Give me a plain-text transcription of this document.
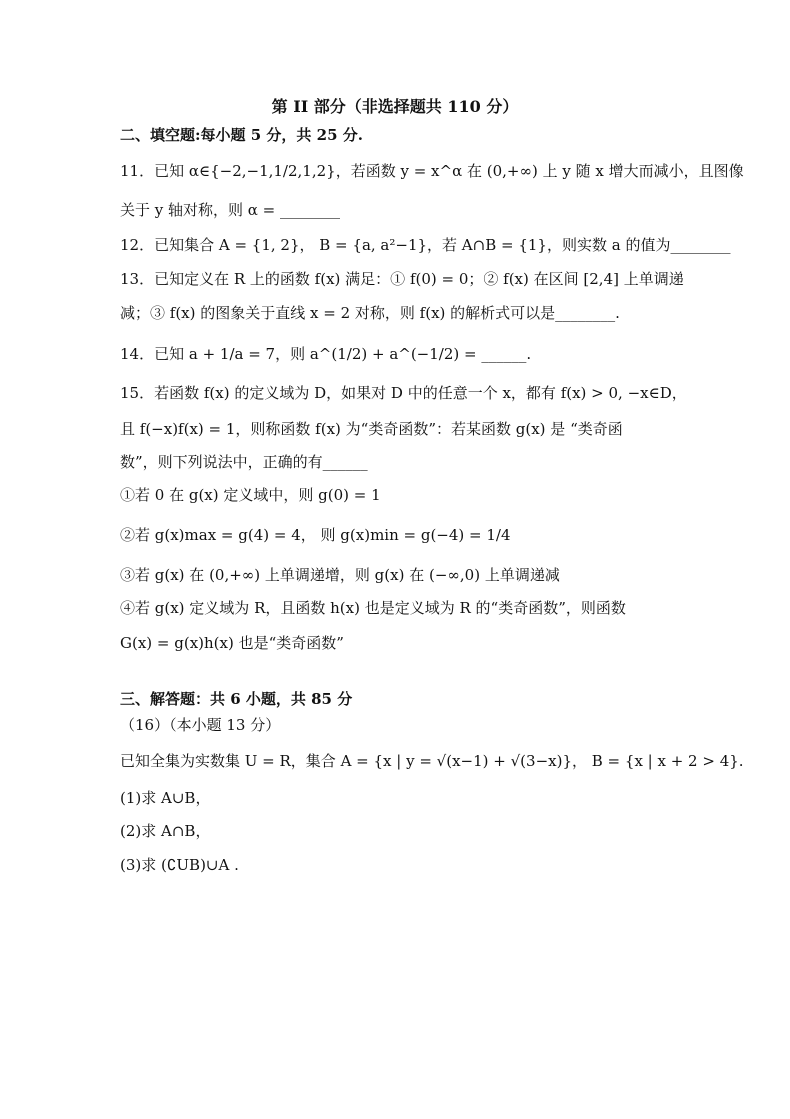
第 II 部分（非选择题共 110 分）
二、填空题:每小题 5 分，共 25 分.
11．已知 α∈{−2,−1,1/2,1,2}，若函数 y = x^α 在 (0,+∞) 上 y 随 x 增大而减小，且图像
关于 y 轴对称，则 α = ________
12．已知集合 A = {1, 2}， B = {a, a²−1}，若 A∩B = {1}，则实数 a 的值为________
13．已知定义在 R 上的函数 f(x) 满足：① f(0) = 0；② f(x) 在区间 [2,4] 上单调递
减；③ f(x) 的图象关于直线 x = 2 对称，则 f(x) 的解析式可以是________.
14．已知 a + 1/a = 7，则 a^(1/2) + a^(−1/2) = ______.
15．若函数 f(x) 的定义域为 D，如果对 D 中的任意一个 x，都有 f(x) > 0, −x∈D，
且 f(−x)f(x) = 1，则称函数 f(x) 为“类奇函数”：若某函数 g(x) 是 “类奇函
数”，则下列说法中，正确的有______
①若 0 在 g(x) 定义域中，则 g(0) = 1
②若 g(x)max = g(4) = 4， 则 g(x)min = g(−4) = 1/4
③若 g(x) 在 (0,+∞) 上单调递增，则 g(x) 在 (−∞,0) 上单调递减
④若 g(x) 定义域为 R，且函数 h(x) 也是定义域为 R 的“类奇函数”，则函数
G(x) = g(x)h(x) 也是“类奇函数”
三、解答题：共 6 小题，共 85 分
（16）（本小题 13 分）
已知全集为实数集 U = R，集合 A = {x | y = √(x−1) + √(3−x)}， B = {x | x + 2 > 4}.
(1)求 A∪B，
(2)求 A∩B，
(3)求 (∁UB)∪A .
